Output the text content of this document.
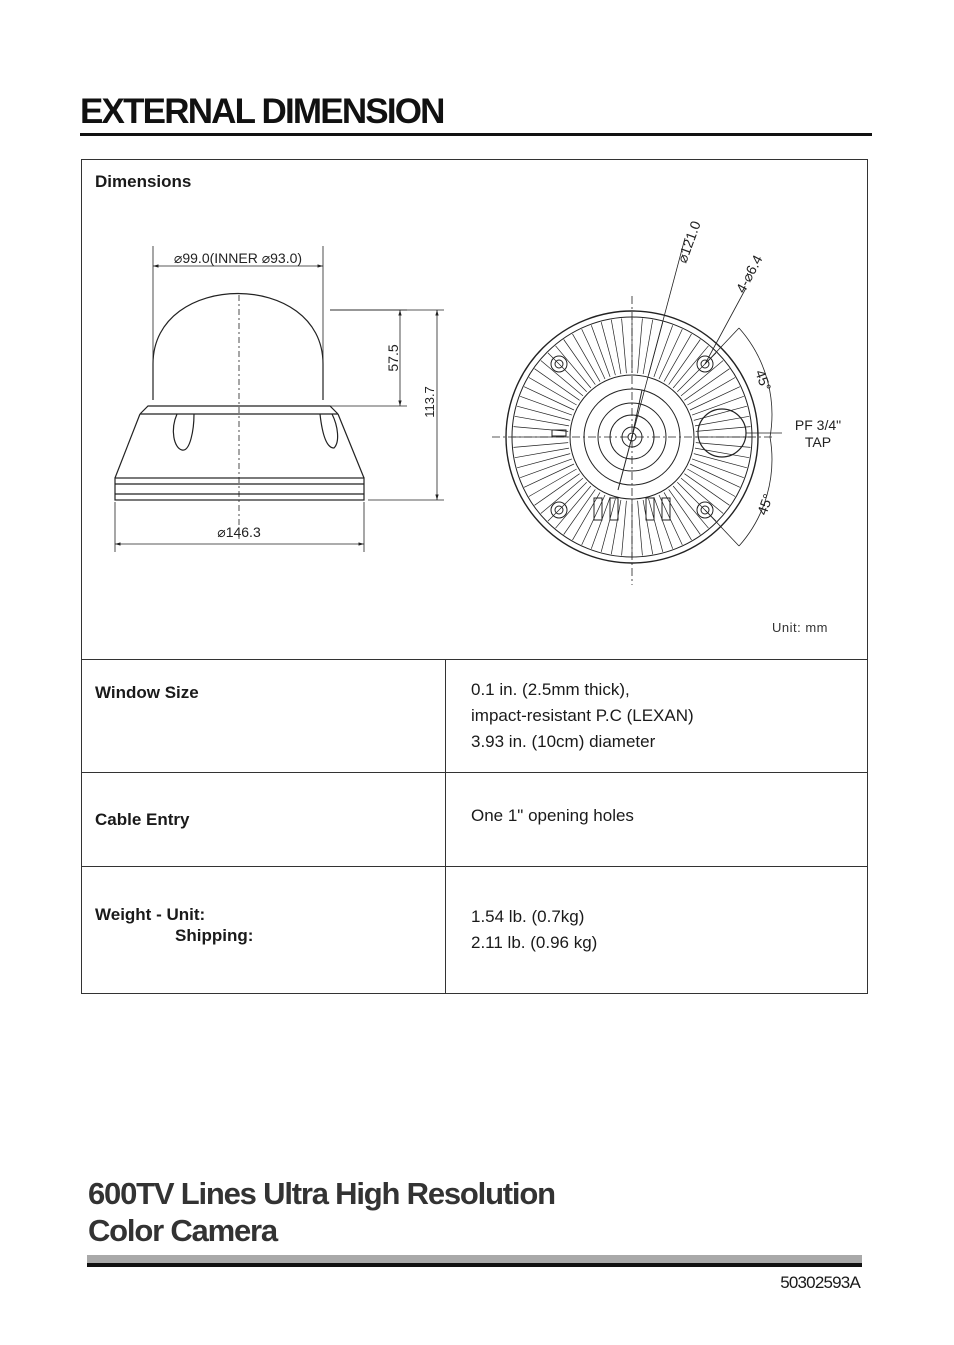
EXTERNAL DIMENSION
Dimensions
⌀99.0(INNER ⌀93.0)
57.5
113.7
⌀146.3
⌀121.0
4-⌀6.4
45°
45°
PF 3/4"
TAP
Unit: mm
Window Size	0.1 in. (2.5mm thick),
impact-resistant P.C (LEXAN)
3.93 in. (10cm) diameter
Cable Entry	One 1" opening holes
Weight - Unit:
Shipping:
1.54 lb. (0.7kg)
2.11 lb. (0.96 kg)
600TV Lines Ultra High Resolution
Color Camera
50302593A
